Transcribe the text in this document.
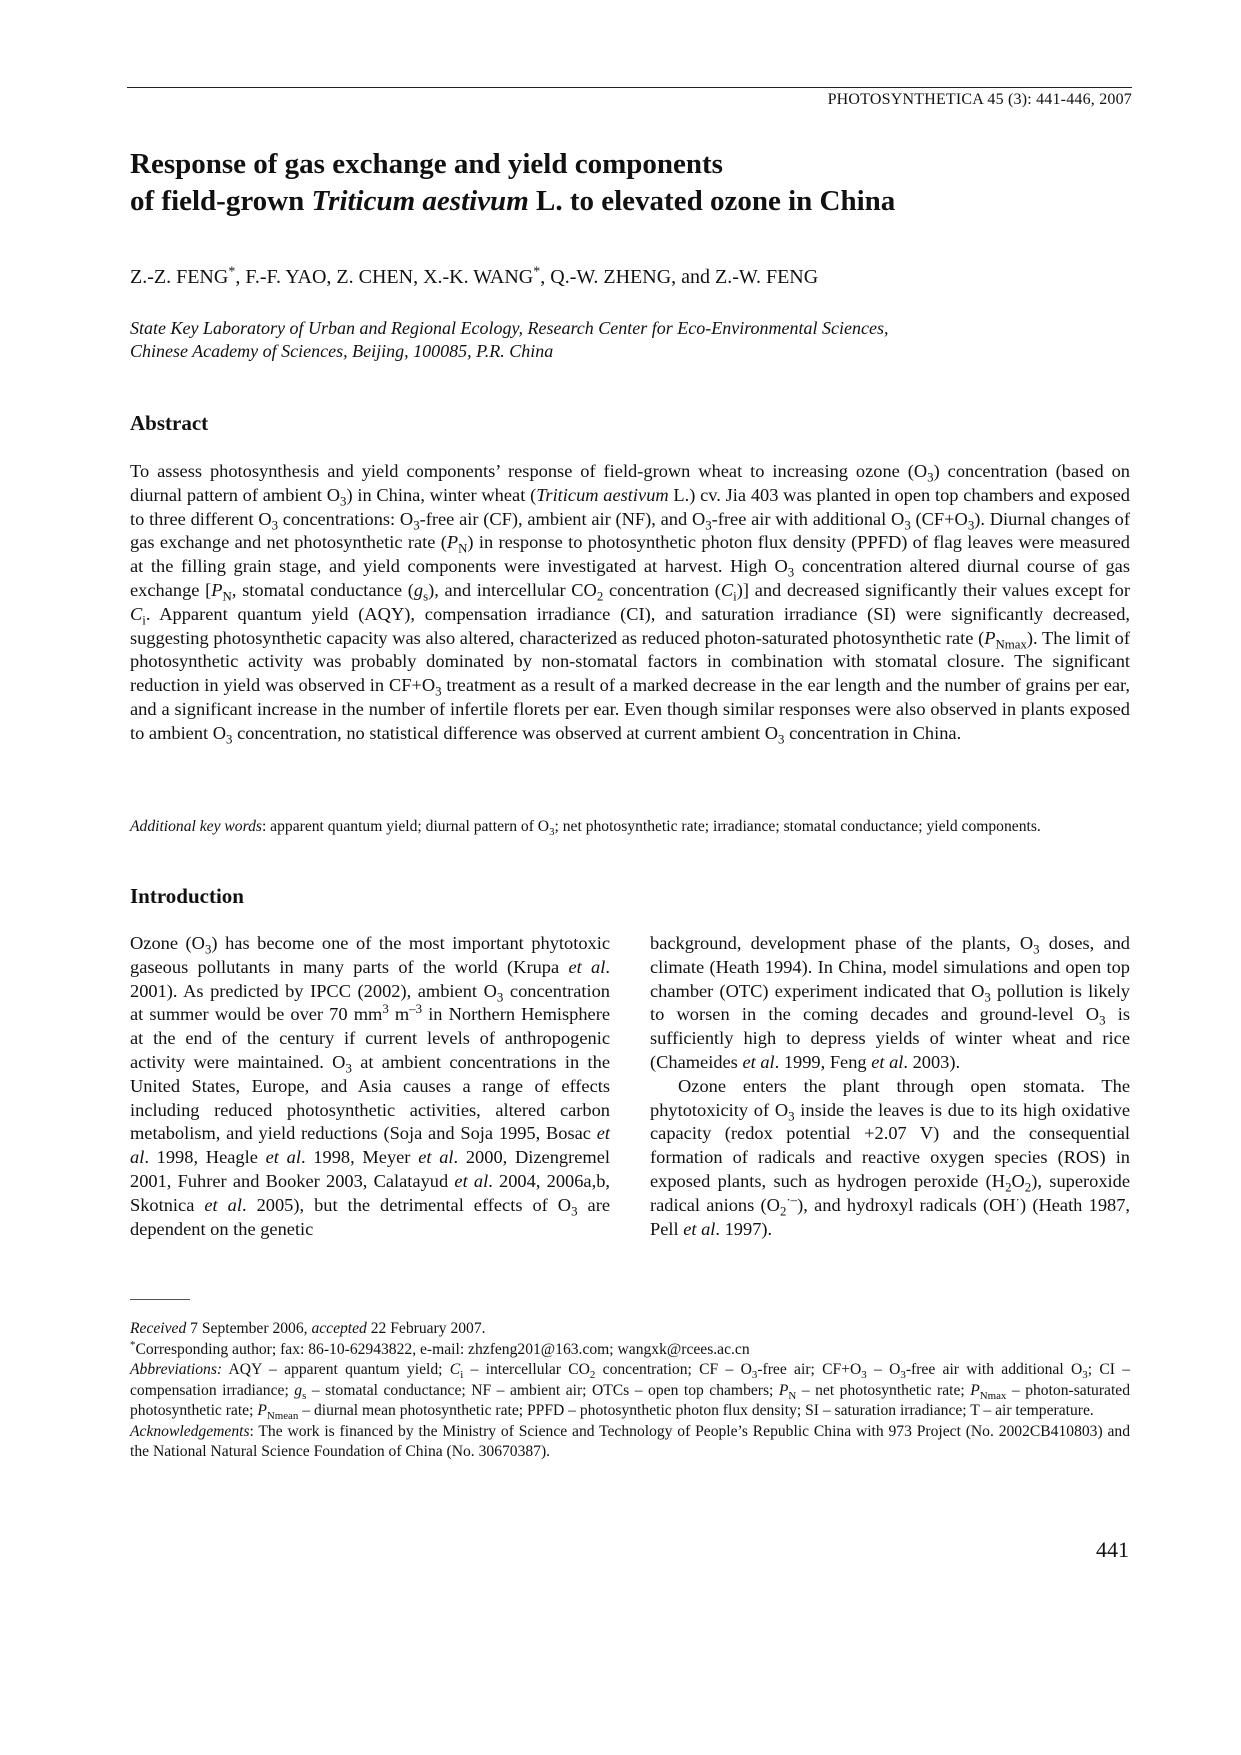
PHOTOSYNTHETICA 45 (3): 441-446, 2007
Response of gas exchange and yield components
of field-grown Triticum aestivum L. to elevated ozone in China
Z.-Z. FENG*, F.-F. YAO, Z. CHEN, X.-K. WANG*, Q.-W. ZHENG, and Z.-W. FENG
State Key Laboratory of Urban and Regional Ecology, Research Center for Eco-Environmental Sciences,
Chinese Academy of Sciences, Beijing, 100085, P.R. China
Abstract
To assess photosynthesis and yield components’ response of field-grown wheat to increasing ozone $(O_3)$ concentration (based on diurnal pattern of ambient $O_3$) in China, winter wheat (Triticum aestivum L.) cv. Jia 403 was planted in open top chambers and exposed to three different $O_3$ concentrations: $O_3$-free air (CF), ambient air (NF), and $O_3$-free air with additional $O_3$ $(CF+O_3)$. Diurnal changes of gas exchange and net photosynthetic rate $(P_N)$ in response to photosynthetic photon flux density (PPFD) of flag leaves were measured at the filling grain stage, and yield components were investigated at harvest. High $O_3$ concentration altered diurnal course of gas exchange [$P_N$, stomatal conductance $(g_s)$, and intercellular $CO_2$ concentration $(C_i)$] and decreased significantly their values except for $C_i$. Apparent quantum yield (AQY), compensation irradiance (CI), and saturation irradiance (SI) were significantly decreased, suggesting photosynthetic capacity was also altered, characterized as reduced photon-saturated photosynthetic rate $(P_{Nmax})$. The limit of photosynthetic activity was probably dominated by non-stomatal factors in combination with stomatal closure. The significant reduction in yield was observed in $CF+O_3$ treatment as a result of a marked decrease in the ear length and the number of grains per ear, and a significant increase in the number of infertile florets per ear. Even though similar responses were also observed in plants exposed to ambient $O_3$ concentration, no statistical difference was observed at current ambient $O_3$ concentration in China.
Additional key words: apparent quantum yield; diurnal pattern of $O_3$; net photosynthetic rate; irradiance; stomatal conductance; yield components.
Introduction

Ozone $(O_3)$ has become one of the most important phytotoxic gaseous pollutants in many parts of the world (Krupa et al. 2001). As predicted by IPCC (2002), ambient $O_3$ concentration at summer would be over 70 $mm^3$ $m^{-3}$ in Northern Hemisphere at the end of the century if current levels of anthropogenic activity were maintained. $O_3$ at ambient concentrations in the United States, Europe, and Asia causes a range of effects including reduced photosynthetic activities, altered carbon metabolism, and yield reductions (Soja and Soja 1995, Bosac et al. 1998, Heagle et al. 1998, Meyer et al. 2000, Dizengremel 2001, Fuhrer and Booker 2003, Calatayud et al. 2004, 2006a,b, Skotnica et al. 2005), but the detrimental effects of $O_3$ are dependent on the genetic

background, development phase of the plants, $O_3$ doses, and climate (Heath 1994). In China, model simulations and open top chamber (OTC) experiment indicated that $O_3$ pollution is likely to worsen in the coming decades and ground-level $O_3$ is sufficiently high to depress yields of winter wheat and rice (Chameides et al. 1999, Feng et al. 2003).

Ozone enters the plant through open stomata. The phytotoxicity of $O_3$ inside the leaves is due to its high oxidative capacity (redox potential +2.07 V) and the consequential formation of radicals and reactive oxygen species (ROS) in exposed plants, such as hydrogen peroxide $(H_2O_2)$, superoxide radical anions $(O_2^{\cdot-})$, and hydroxyl radicals (OH·) (Heath 1987, Pell et al. 1997).

Received 7 September 2006, accepted 22 February 2007.
*Corresponding author; fax: 86-10-62943822, e-mail: zhzfeng201@163.com; wangxk@rcees.ac.cn
Abbreviations: AQY – apparent quantum yield; $C_i$ – intercellular $CO_2$ concentration; CF – $O_3$-free air; $CF+O_3$ – $O_3$-free air with additional $O_3$; CI – compensation irradiance; $g_s$ – stomatal conductance; NF – ambient air; OTCs – open top chambers; $P_N$ – net photosynthetic rate; $P_{Nmax}$ – photon-saturated photosynthetic rate; $P_{Nmean}$ – diurnal mean photosynthetic rate; PPFD – photosynthetic photon flux density; SI – saturation irradiance; T – air temperature.
Acknowledgements: The work is financed by the Ministry of Science and Technology of People’s Republic China with 973 Project (No. 2002CB410803) and the National Natural Science Foundation of China (No. 30670387).
441
